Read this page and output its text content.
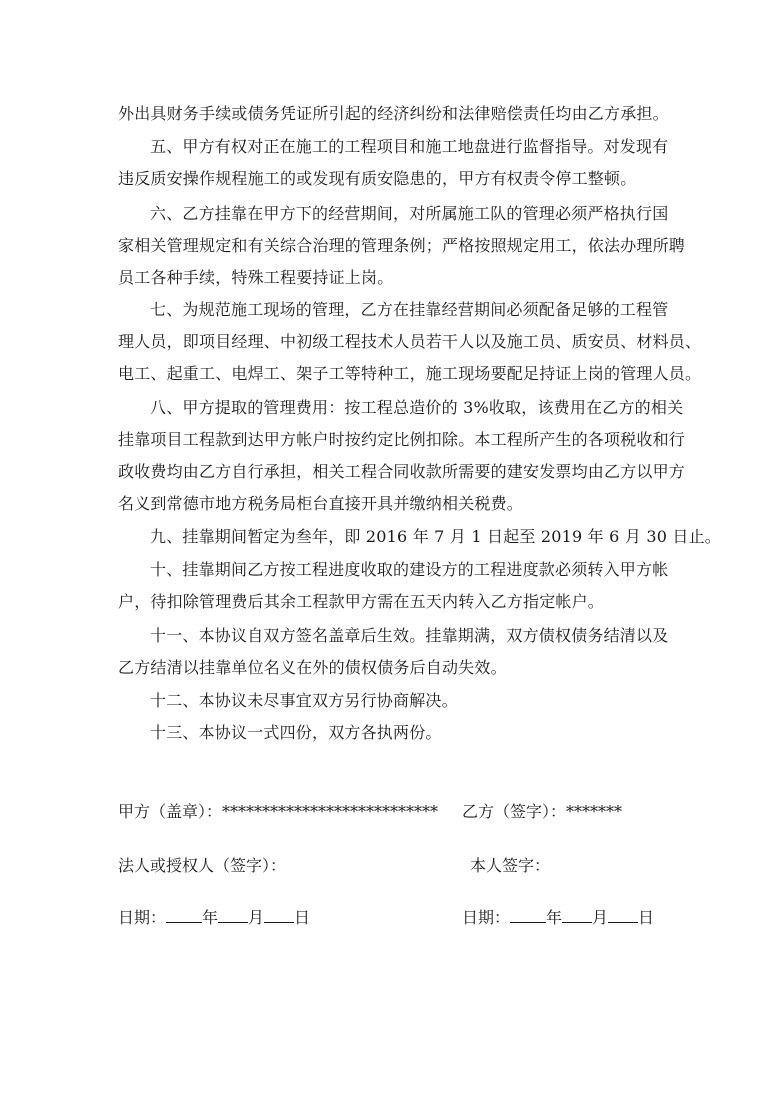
外出具财务手续或债务凭证所引起的经济纠纷和法律赔偿责任均由乙方承担。
五、甲方有权对正在施工的工程项目和施工地盘进行监督指导。对发现有
违反质安操作规程施工的或发现有质安隐患的，甲方有权责令停工整顿。
六、乙方挂靠在甲方下的经营期间，对所属施工队的管理必须严格执行国
家相关管理规定和有关综合治理的管理条例；严格按照规定用工，依法办理所聘
员工各种手续，特殊工程要持证上岗。
七、为规范施工现场的管理，乙方在挂靠经营期间必须配备足够的工程管
理人员，即项目经理、中初级工程技术人员若干人以及施工员、质安员、材料员、
电工、起重工、电焊工、架子工等特种工，施工现场要配足持证上岗的管理人员。
八、甲方提取的管理费用：按工程总造价的 3%收取，该费用在乙方的相关
挂靠项目工程款到达甲方帐户时按约定比例扣除。本工程所产生的各项税收和行
政收费均由乙方自行承担，相关工程合同收款所需要的建安发票均由乙方以甲方
名义到常德市地方税务局柜台直接开具并缴纳相关税费。
九、挂靠期间暂定为叁年，即 2016 年 7 月 1 日起至 2019 年 6 月 30 日止。
十、挂靠期间乙方按工程进度收取的建设方的工程进度款必须转入甲方帐
户，待扣除管理费后其余工程款甲方需在五天内转入乙方指定帐户。
十一、本协议自双方签名盖章后生效。挂靠期满，双方债权债务结清以及
乙方结清以挂靠单位名义在外的债权债务后自动失效。
十二、本协议未尽事宜双方另行协商解决。
十三、本协议一式四份，双方各执两份。
甲方（盖章）：*************************** 乙方（签字）：*******
法人或授权人（签字）：	本人签字：
日期： 年 月 日	日期： 年 月 日
